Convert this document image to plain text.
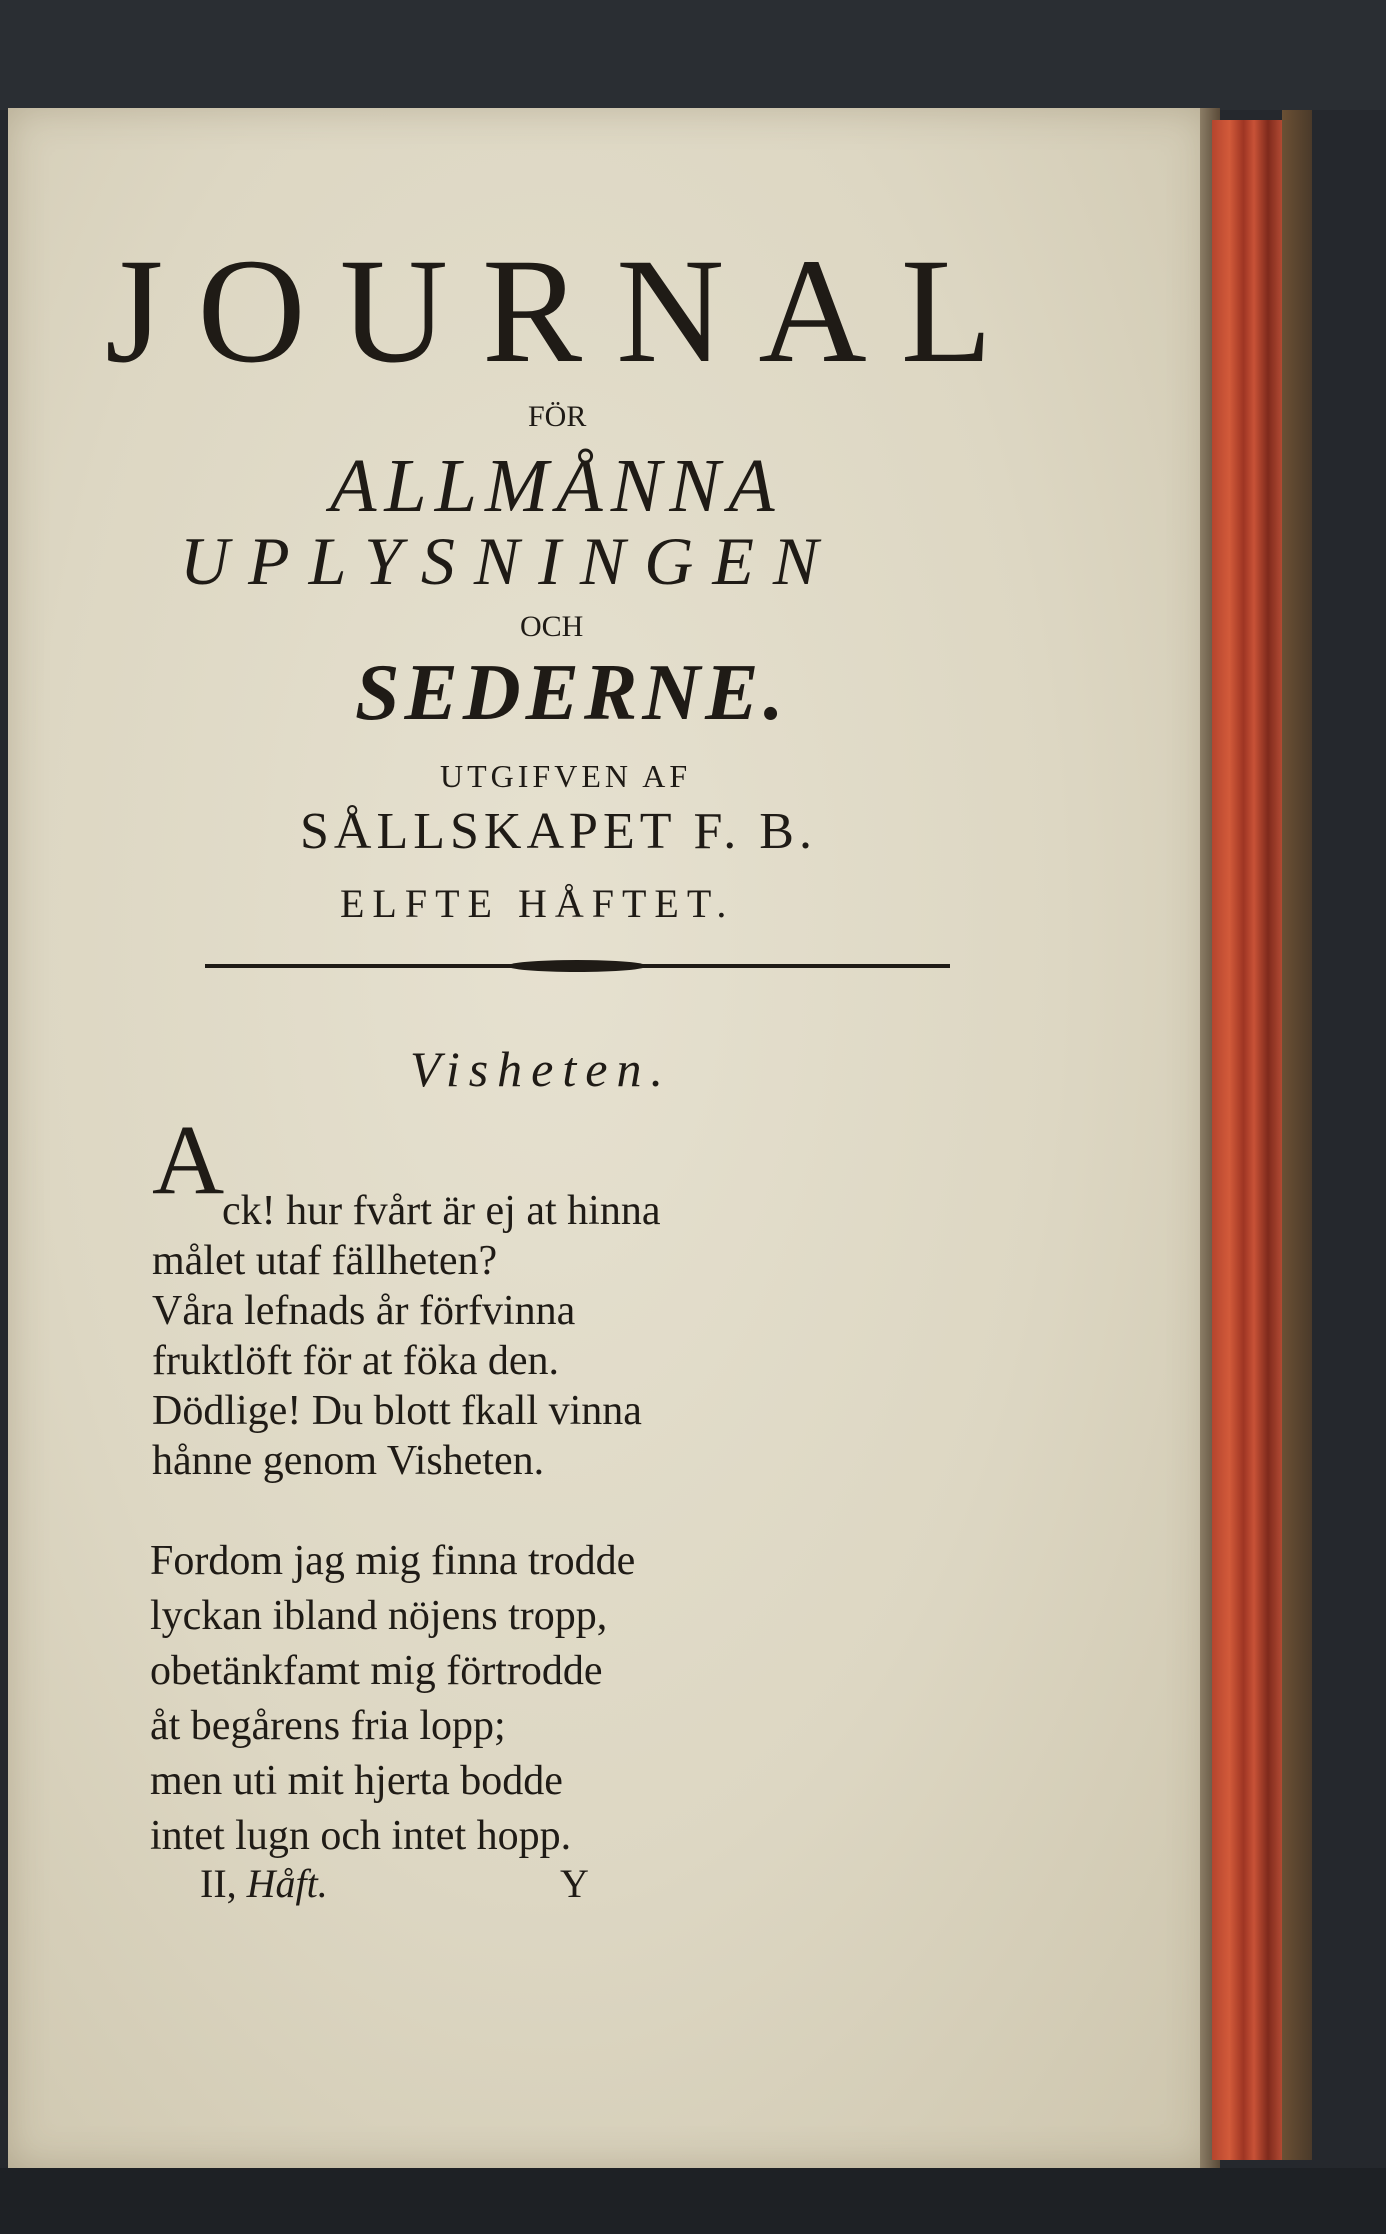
JOURNAL
FÖR
ALLMÅNNA
UPLYSNINGEN
OCH
SEDERNE.
UTGIFVEN AF
SÅLLSKAPET F. B.
ELFTE HÅFTET.
Visheten.
A
ck! hur fvårt är ej at hinna
målet utaf fällheten?
Våra lefnads år förfvinna
fruktlöft för at föka den.
Dödlige! Du blott fkall vinna
hånne genom Visheten.
Fordom jag mig finna trodde
lyckan ibland nöjens tropp,
obetänkfamt mig förtrodde
åt begårens fria lopp;
men uti mit hjerta bodde
intet lugn och intet hopp.
II, Håft.	Y
